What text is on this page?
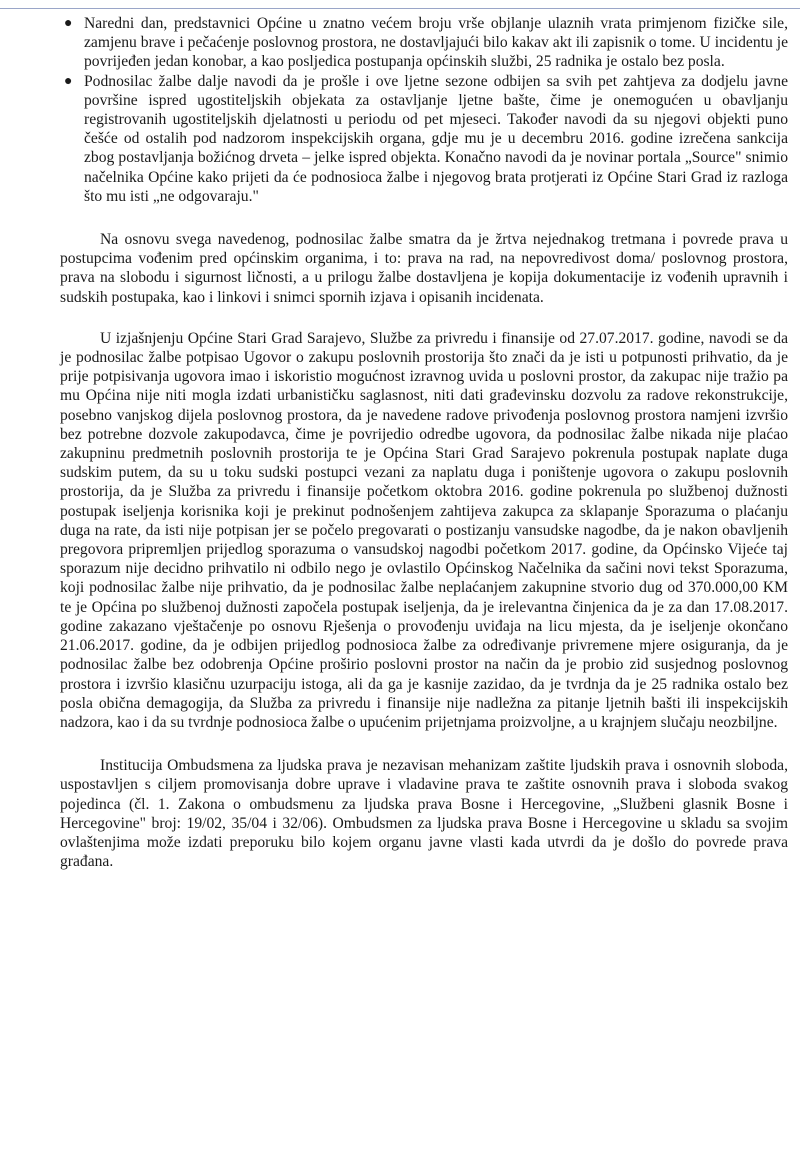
● Naredni dan, predstavnici Općine u znatno većem broju vrše objlanje ulaznih vrata primjenom fizičke sile, zamjenu brave i pečaćenje poslovnog prostora, ne dostavljajući bilo kakav akt ili zapisnik o tome. U incidentu je povrijeđen jedan konobar, a kao posljedica postupanja općinskih službi, 25 radnika je ostalo bez posla.
● Podnosilac žalbe dalje navodi da je prošle i ove ljetne sezone odbijen sa svih pet zahtjeva za dodjelu javne površine ispred ugostiteljskih objekata za ostavljanje ljetne bašte, čime je onemogućen u obavljanju registrovanih ugostiteljskih djelatnosti u periodu od pet mjeseci. Također navodi da su njegovi objekti puno češće od ostalih pod nadzorom inspekcijskih organa, gdje mu je u decembru 2016. godine izrečena sankcija zbog postavljanja božićnog drveta – jelke ispred objekta. Konačno navodi da je novinar portala „Source" snimio načelnika Općine kako prijeti da će podnosioca žalbe i njegovog brata protjerati iz Općine Stari Grad iz razloga što mu isti „ne odgovaraju."

Na osnovu svega navedenog, podnosilac žalbe smatra da je žrtva nejednakog tretmana i povrede prava u postupcima vođenim pred općinskim organima, i to: prava na rad, na nepovredivost doma/ poslovnog prostora, prava na slobodu i sigurnost ličnosti, a u prilogu žalbe dostavljena je kopija dokumentacije iz vođenih upravnih i sudskih postupaka, kao i linkovi i snimci spornih izjava i opisanih incidenata.

U izjašnjenju Općine Stari Grad Sarajevo, Službe za privredu i finansije od 27.07.2017. godine, navodi se da je podnosilac žalbe potpisao Ugovor o zakupu poslovnih prostorija što znači da je isti u potpunosti prihvatio, da je prije potpisivanja ugovora imao i iskoristio mogućnost izravnog uvida u poslovni prostor, da zakupac nije tražio pa mu Općina nije niti mogla izdati urbanističku saglasnost, niti dati građevinsku dozvolu za radove rekonstrukcije, posebno vanjskog dijela poslovnog prostora, da je navedene radove privođenja poslovnog prostora namjeni izvršio bez potrebne dozvole zakupodavca, čime je povrijedio odredbe ugovora, da podnosilac žalbe nikada nije plaćao zakupninu predmetnih poslovnih prostorija te je Općina Stari Grad Sarajevo pokrenula postupak naplate duga sudskim putem, da su u toku sudski postupci vezani za naplatu duga i poništenje ugovora o zakupu poslovnih prostorija, da je Služba za privredu i finansije početkom oktobra 2016. godine pokrenula po službenoj dužnosti postupak iseljenja korisnika koji je prekinut podnošenjem zahtijeva zakupca za sklapanje Sporazuma o plaćanju duga na rate, da isti nije potpisan jer se počelo pregovarati o postizanju vansudske nagodbe, da je nakon obavljenih pregovora pripremljen prijedlog sporazuma o vansudskoj nagodbi početkom 2017. godine, da Općinsko Vijeće taj sporazum nije decidno prihvatilo ni odbilo nego je ovlastilo Općinskog Načelnika da sačini novi tekst Sporazuma, koji podnosilac žalbe nije prihvatio, da je podnosilac žalbe neplaćanjem zakupnine stvorio dug od 370.000,00 KM te je Općina po službenoj dužnosti započela postupak iseljenja, da je irelevantna činjenica da je za dan 17.08.2017. godine zakazano vještačenje po osnovu Rješenja o provođenju uviđaja na licu mjesta, da je iseljenje okončano 21.06.2017. godine, da je odbijen prijedlog podnosioca žalbe za određivanje privremene mjere osiguranja, da je podnosilac žalbe bez odobrenja Općine proširio poslovni prostor na način da je probio zid susjednog poslovnog prostora i izvršio klasičnu uzurpaciju istoga, ali da ga je kasnije zazidao, da je tvrdnja da je 25 radnika ostalo bez posla obična demagogija, da Služba za privredu i finansije nije nadležna za pitanje ljetnih bašti ili inspekcijskih nadzora, kao i da su tvrdnje podnosioca žalbe o upućenim prijetnjama proizvoljne, a u krajnjem slučaju neozbiljne.

Institucija Ombudsmena za ljudska prava je nezavisan mehanizam zaštite ljudskih prava i osnovnih sloboda, uspostavljen s ciljem promovisanja dobre uprave i vladavine prava te zaštite osnovnih prava i sloboda svakog pojedinca (čl. 1. Zakona o ombudsmenu za ljudska prava Bosne i Hercegovine, „Službeni glasnik Bosne i Hercegovine" broj: 19/02, 35/04 i 32/06). Ombudsmen za ljudska prava Bosne i Hercegovine u skladu sa svojim ovlaštenjima može izdati preporuku bilo kojem organu javne vlasti kada utvrdi da je došlo do povrede prava građana.
